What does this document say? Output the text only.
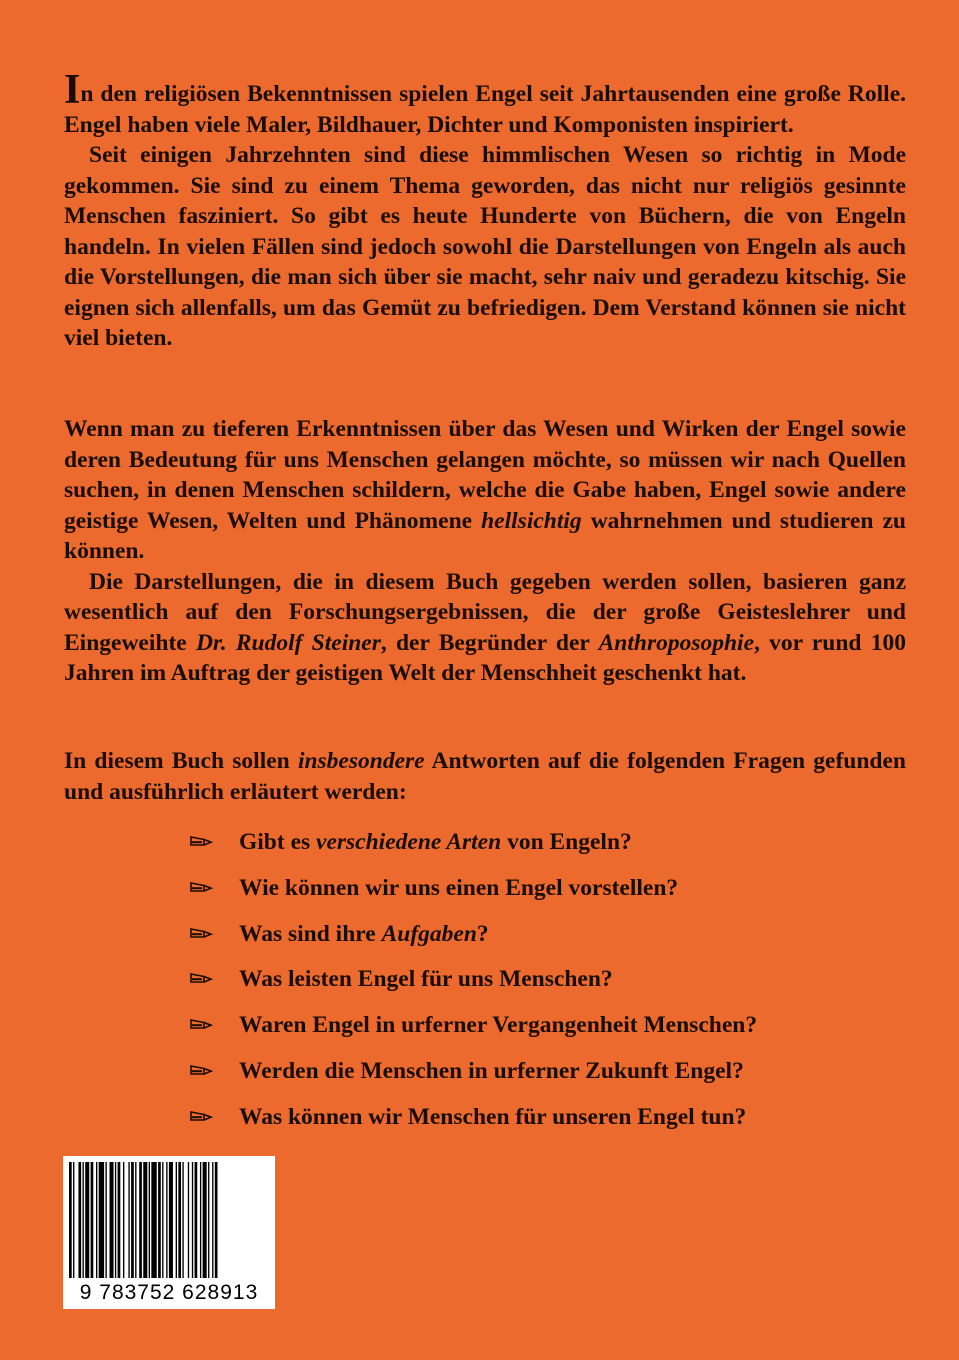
In den religiösen Bekenntnissen spielen Engel seit Jahrtausenden eine große Rolle. Engel haben viele Maler, Bildhauer, Dichter und Komponisten inspiriert.

Seit einigen Jahrzehnten sind diese himmlischen Wesen so richtig in Mode gekommen. Sie sind zu einem Thema geworden, das nicht nur religiös gesinnte Menschen fasziniert. So gibt es heute Hunderte von Büchern, die von Engeln handeln. In vielen Fällen sind jedoch sowohl die Darstellungen von Engeln als auch die Vorstellungen, die man sich über sie macht, sehr naiv und geradezu kitschig. Sie eignen sich allenfalls, um das Gemüt zu befriedigen. Dem Verstand können sie nicht viel bieten.

Wenn man zu tieferen Erkenntnissen über das Wesen und Wirken der Engel sowie deren Bedeutung für uns Menschen gelangen möchte, so müssen wir nach Quellen suchen, in denen Menschen schildern, welche die Gabe haben, Engel sowie andere geistige Wesen, Welten und Phänomene hellsichtig wahrnehmen und studieren zu können.

Die Darstellungen, die in diesem Buch gegeben werden sollen, basieren ganz wesentlich auf den Forschungsergebnissen, die der große Geisteslehrer und Eingeweihte Dr. Rudolf Steiner, der Begründer der Anthroposophie, vor rund 100 Jahren im Auftrag der geistigen Welt der Menschheit geschenkt hat.

In diesem Buch sollen insbesondere Antworten auf die folgenden Fragen gefunden und ausführlich erläutert werden:

Gibt es verschiedene Arten von Engeln?
Wie können wir uns einen Engel vorstellen?
Was sind ihre Aufgaben?
Was leisten Engel für uns Menschen?
Waren Engel in urferner Vergangenheit Menschen?
Werden die Menschen in urferner Zukunft Engel?
Was können wir Menschen für unseren Engel tun?
9 783752 628913
